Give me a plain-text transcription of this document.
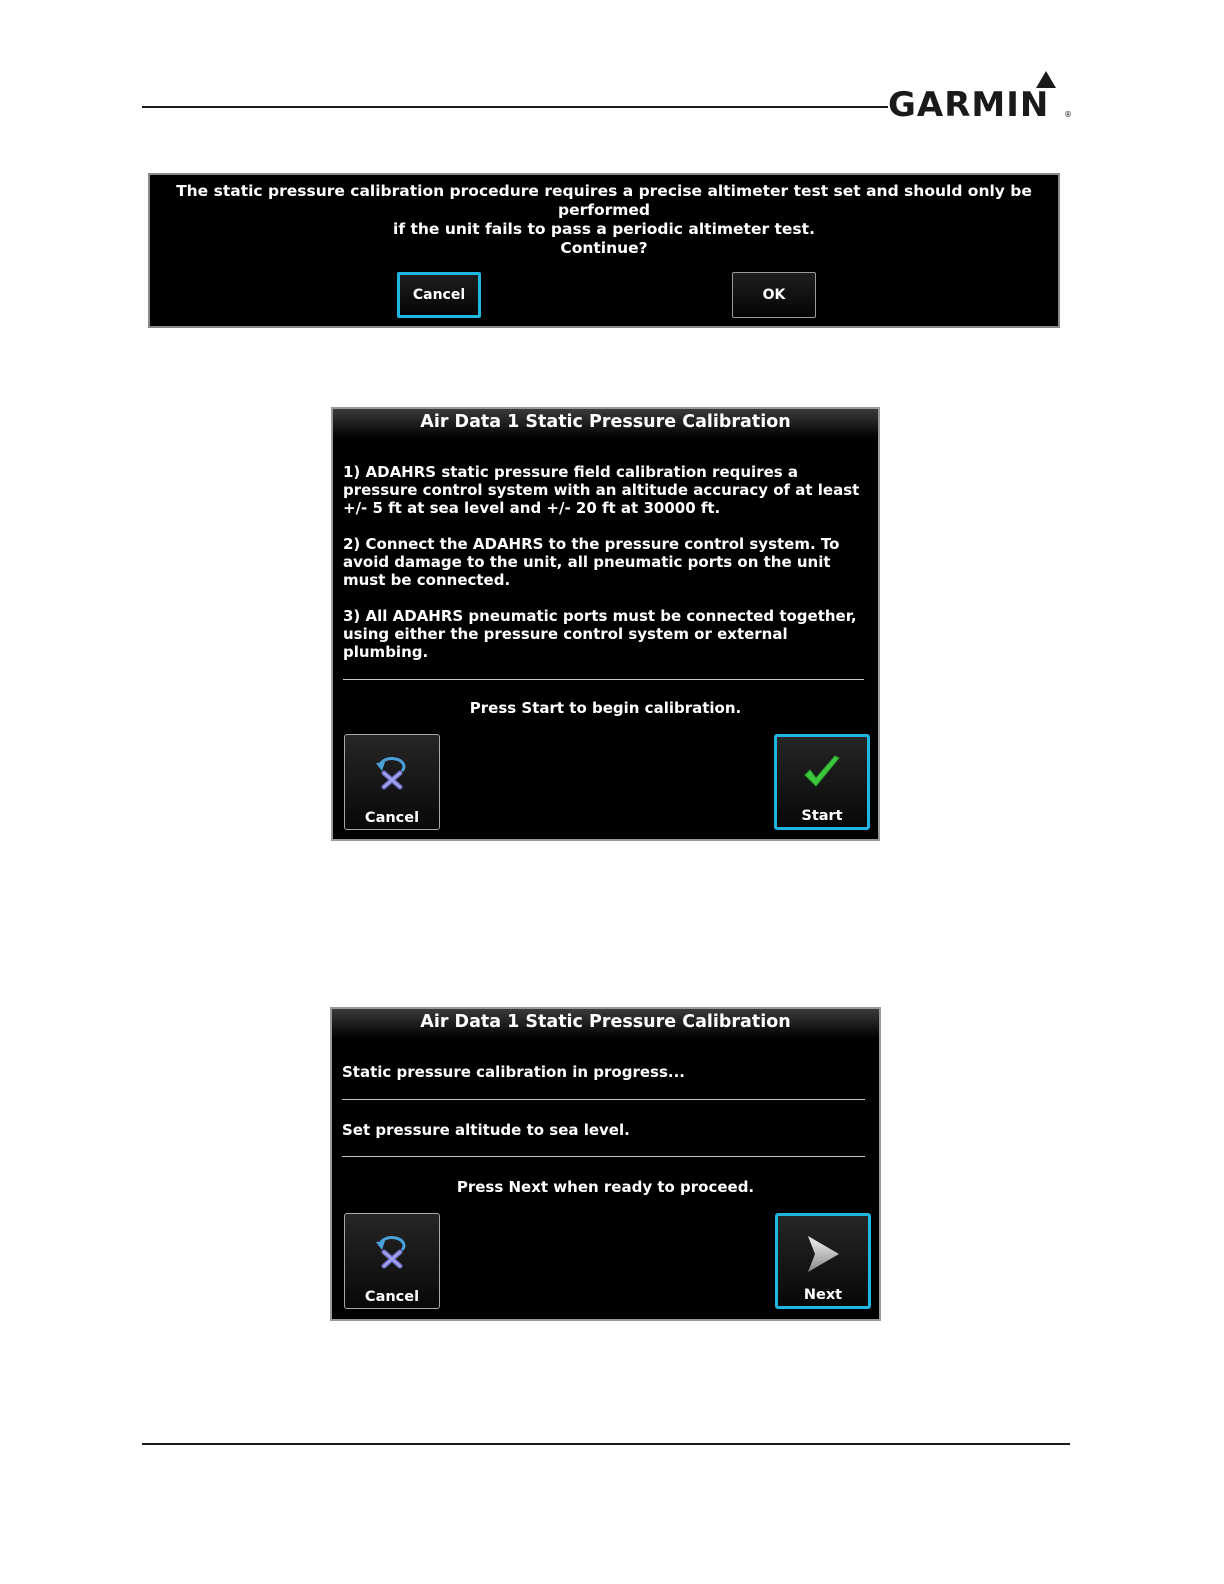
GARMIN ®
The static pressure calibration procedure requires a precise altimeter test set and should only be performed
if the unit fails to pass a periodic altimeter test.
Continue?
Cancel	OK
Air Data 1 Static Pressure Calibration
1) ADAHRS static pressure field calibration requires a pressure control system with an altitude accuracy of at least +/- 5 ft at sea level and +/- 20 ft at 30000 ft.
2) Connect the ADAHRS to the pressure control system. To avoid damage to the unit, all pneumatic ports on the unit must be connected.
3) All ADAHRS pneumatic ports must be connected together, using either the pressure control system or external plumbing.
Press Start to begin calibration.
Cancel	Start
Air Data 1 Static Pressure Calibration
Static pressure calibration in progress...
Set pressure altitude to sea level.
Press Next when ready to proceed.
Cancel	Next
